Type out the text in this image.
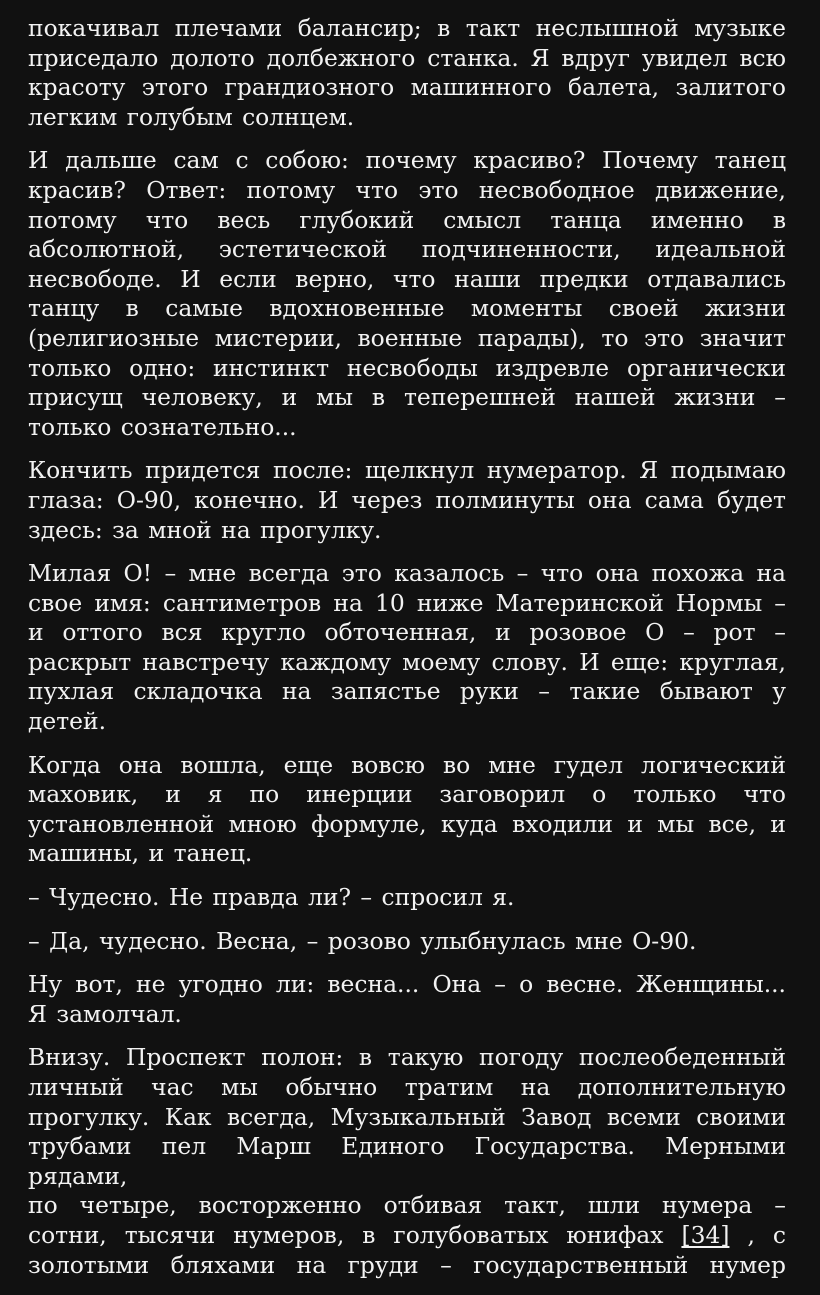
покачивал плечами балансир; в такт неслышной музыке
приседало долото долбежного станка. Я вдруг увидел всю
красоту этого грандиозного машинного балета, залитого
легким голубым солнцем.

И дальше сам с собою: почему красиво? Почему танец
красив? Ответ: потому что это несвободное движение,
потому что весь глубокий смысл танца именно в
абсолютной, эстетической подчиненности, идеальной
несвободе. И если верно, что наши предки отдавались
танцу в самые вдохновенные моменты своей жизни
(религиозные мистерии, военные парады), то это значит
только одно: инстинкт несвободы издревле органически
присущ человеку, и мы в теперешней нашей жизни –
только сознательно...

Кончить придется после: щелкнул нумератор. Я подымаю
глаза: О-90, конечно. И через полминуты она сама будет
здесь: за мной на прогулку.

Милая О! – мне всегда это казалось – что она похожа на
свое имя: сантиметров на 10 ниже Материнской Нормы –
и оттого вся кругло обточенная, и розовое О – рот –
раскрыт навстречу каждому моему слову. И еще: круглая,
пухлая складочка на запястье руки – такие бывают у
детей.

Когда она вошла, еще вовсю во мне гудел логический
маховик, и я по инерции заговорил о только что
установленной мною формуле, куда входили и мы все, и
машины, и танец.

– Чудесно. Не правда ли? – спросил я.

– Да, чудесно. Весна, – розово улыбнулась мне О-90.

Ну вот, не угодно ли: весна... Она – о весне. Женщины...
Я замолчал.

Внизу. Проспект полон: в такую погоду послеобеденный
личный час мы обычно тратим на дополнительную
прогулку. Как всегда, Музыкальный Завод всеми своими
трубами пел Марш Единого Государства. Мерными рядами,
по четыре, восторженно отбивая такт, шли нумера –
сотни, тысячи нумеров, в голубоватых юнифах [34] , с
золотыми бляхами на груди – государственный нумер
